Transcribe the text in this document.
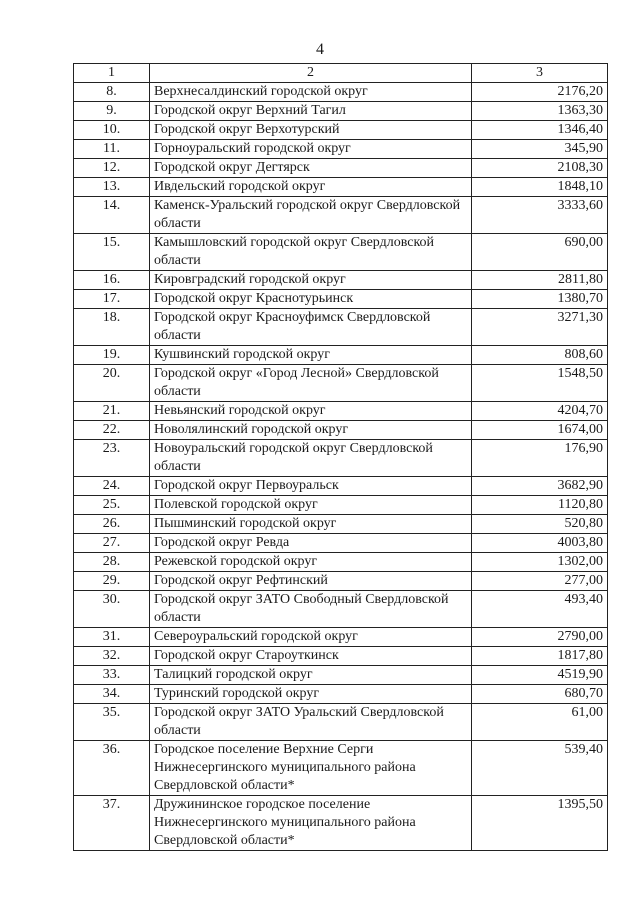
4
1	2	3
8.	Верхнесалдинский городской округ	2176,20
9.	Городской округ Верхний Тагил	1363,30
10.	Городской округ Верхотурский	1346,40
11.	Горноуральский городской округ	345,90
12.	Городской округ Дегтярск	2108,30
13.	Ивдельский городской округ	1848,10
14.	Каменск-Уральский городской округ Свердловской области	3333,60
15.	Камышловский городской округ Свердловской области	690,00
16.	Кировградский городской округ	2811,80
17.	Городской округ Краснотурьинск	1380,70
18.	Городской округ Красноуфимск Свердловской области	3271,30
19.	Кушвинский городской округ	808,60
20.	Городской округ «Город Лесной» Свердловской области	1548,50
21.	Невьянский городской округ	4204,70
22.	Новолялинский городской округ	1674,00
23.	Новоуральский городской округ Свердловской области	176,90
24.	Городской округ Первоуральск	3682,90
25.	Полевской городской округ	1120,80
26.	Пышминский городской округ	520,80
27.	Городской округ Ревда	4003,80
28.	Режевской городской округ	1302,00
29.	Городской округ Рефтинский	277,00
30.	Городской округ ЗАТО Свободный Свердловской области	493,40
31.	Североуральский городской округ	2790,00
32.	Городской округ Староуткинск	1817,80
33.	Талицкий городской округ	4519,90
34.	Туринский городской округ	680,70
35.	Городской округ ЗАТО Уральский Свердловской области	61,00
36.	Городское поселение Верхние Серги Нижнесергинского муниципального района Свердловской области*	539,40
37.	Дружининское городское поселение Нижнесергинского муниципального района Свердловской области*	1395,50
